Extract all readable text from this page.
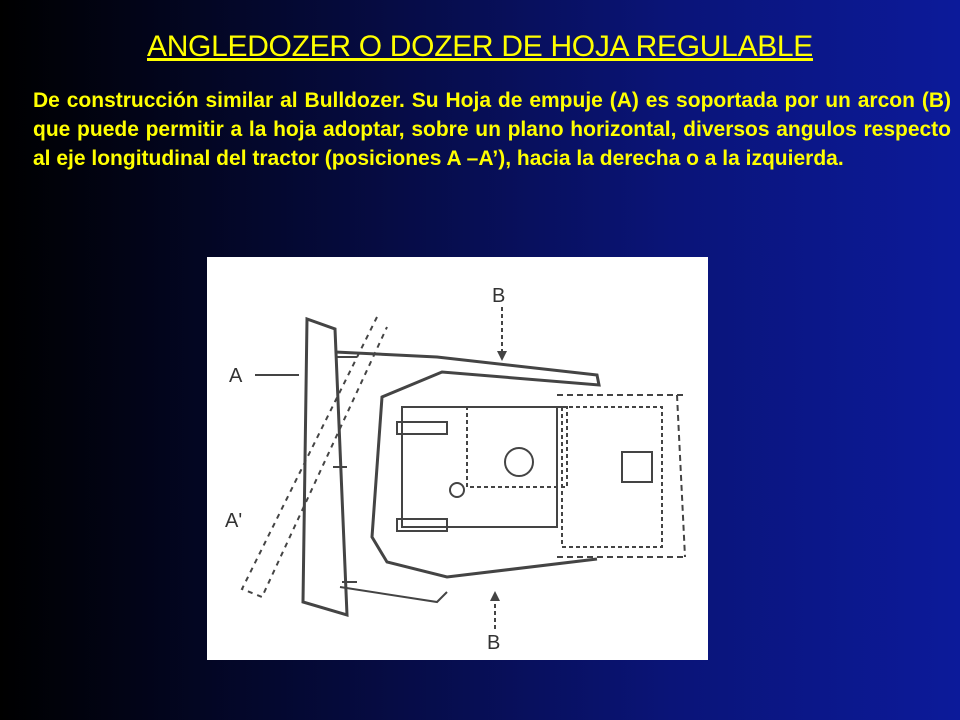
ANGLEDOZER O DOZER DE HOJA REGULABLE
De construcción similar al Bulldozer. Su Hoja de empuje (A) es soportada por un arcon (B) que puede permitir a la hoja adoptar, sobre un plano horizontal, diversos angulos respecto al eje longitudinal del tractor (posiciones A –A’), hacia la derecha o a la izquierda.
B
A
A'
B
